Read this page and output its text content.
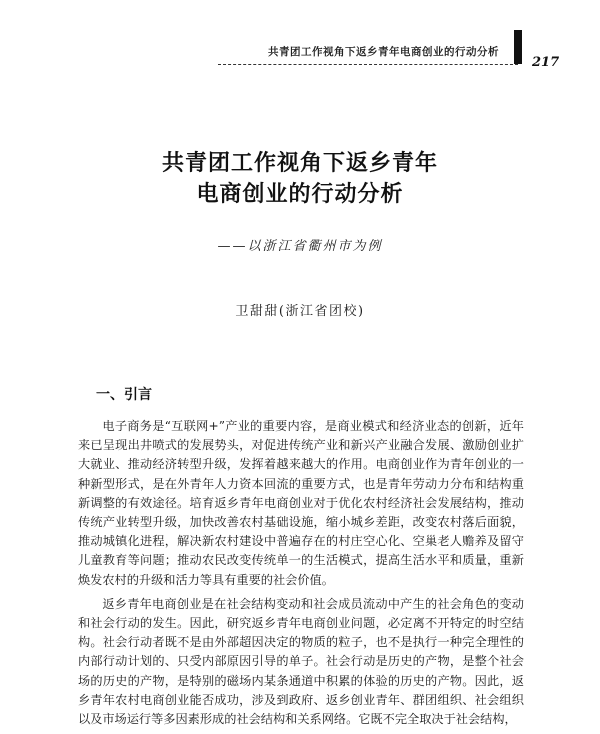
共青团工作视角下返乡青年电商创业的行动分析
217
共青团工作视角下返乡青年
电商创业的行动分析
——以浙江省衢州市为例
卫甜甜(浙江省团校)
一、引言

电子商务是“互联网+”产业的重要内容，是商业模式和经济业态的创新，近年来已呈现出井喷式的发展势头，对促进传统产业和新兴产业融合发展、激励创业扩大就业、推动经济转型升级，发挥着越来越大的作用。电商创业作为青年创业的一种新型形式，是在外青年人力资本回流的重要方式，也是青年劳动力分布和结构重新调整的有效途径。培育返乡青年电商创业对于优化农村经济社会发展结构，推动传统产业转型升级，加快改善农村基础设施，缩小城乡差距，改变农村落后面貌，推动城镇化进程，解决新农村建设中普遍存在的村庄空心化、空巢老人赡养及留守儿童教育等问题；推动农民改变传统单一的生活模式，提高生活水平和质量，重新焕发农村的升级和活力等具有重要的社会价值。

返乡青年电商创业是在社会结构变动和社会成员流动中产生的社会角色的变动和社会行动的发生。因此，研究返乡青年电商创业问题，必定离不开特定的时空结构。社会行动者既不是由外部超因决定的物质的粒子，也不是执行一种完全理性的内部行动计划的、只受内部原因引导的单子。社会行动是历史的产物，是整个社会场的历史的产物，是特别的磁场内某条通道中积累的体验的历史的产物。因此，返乡青年农村电商创业能否成功，涉及到政府、返乡创业青年、群团组织、社会组织以及市场运行等多因素形成的社会结构和关系网络。它既不完全取决于社会结构，
